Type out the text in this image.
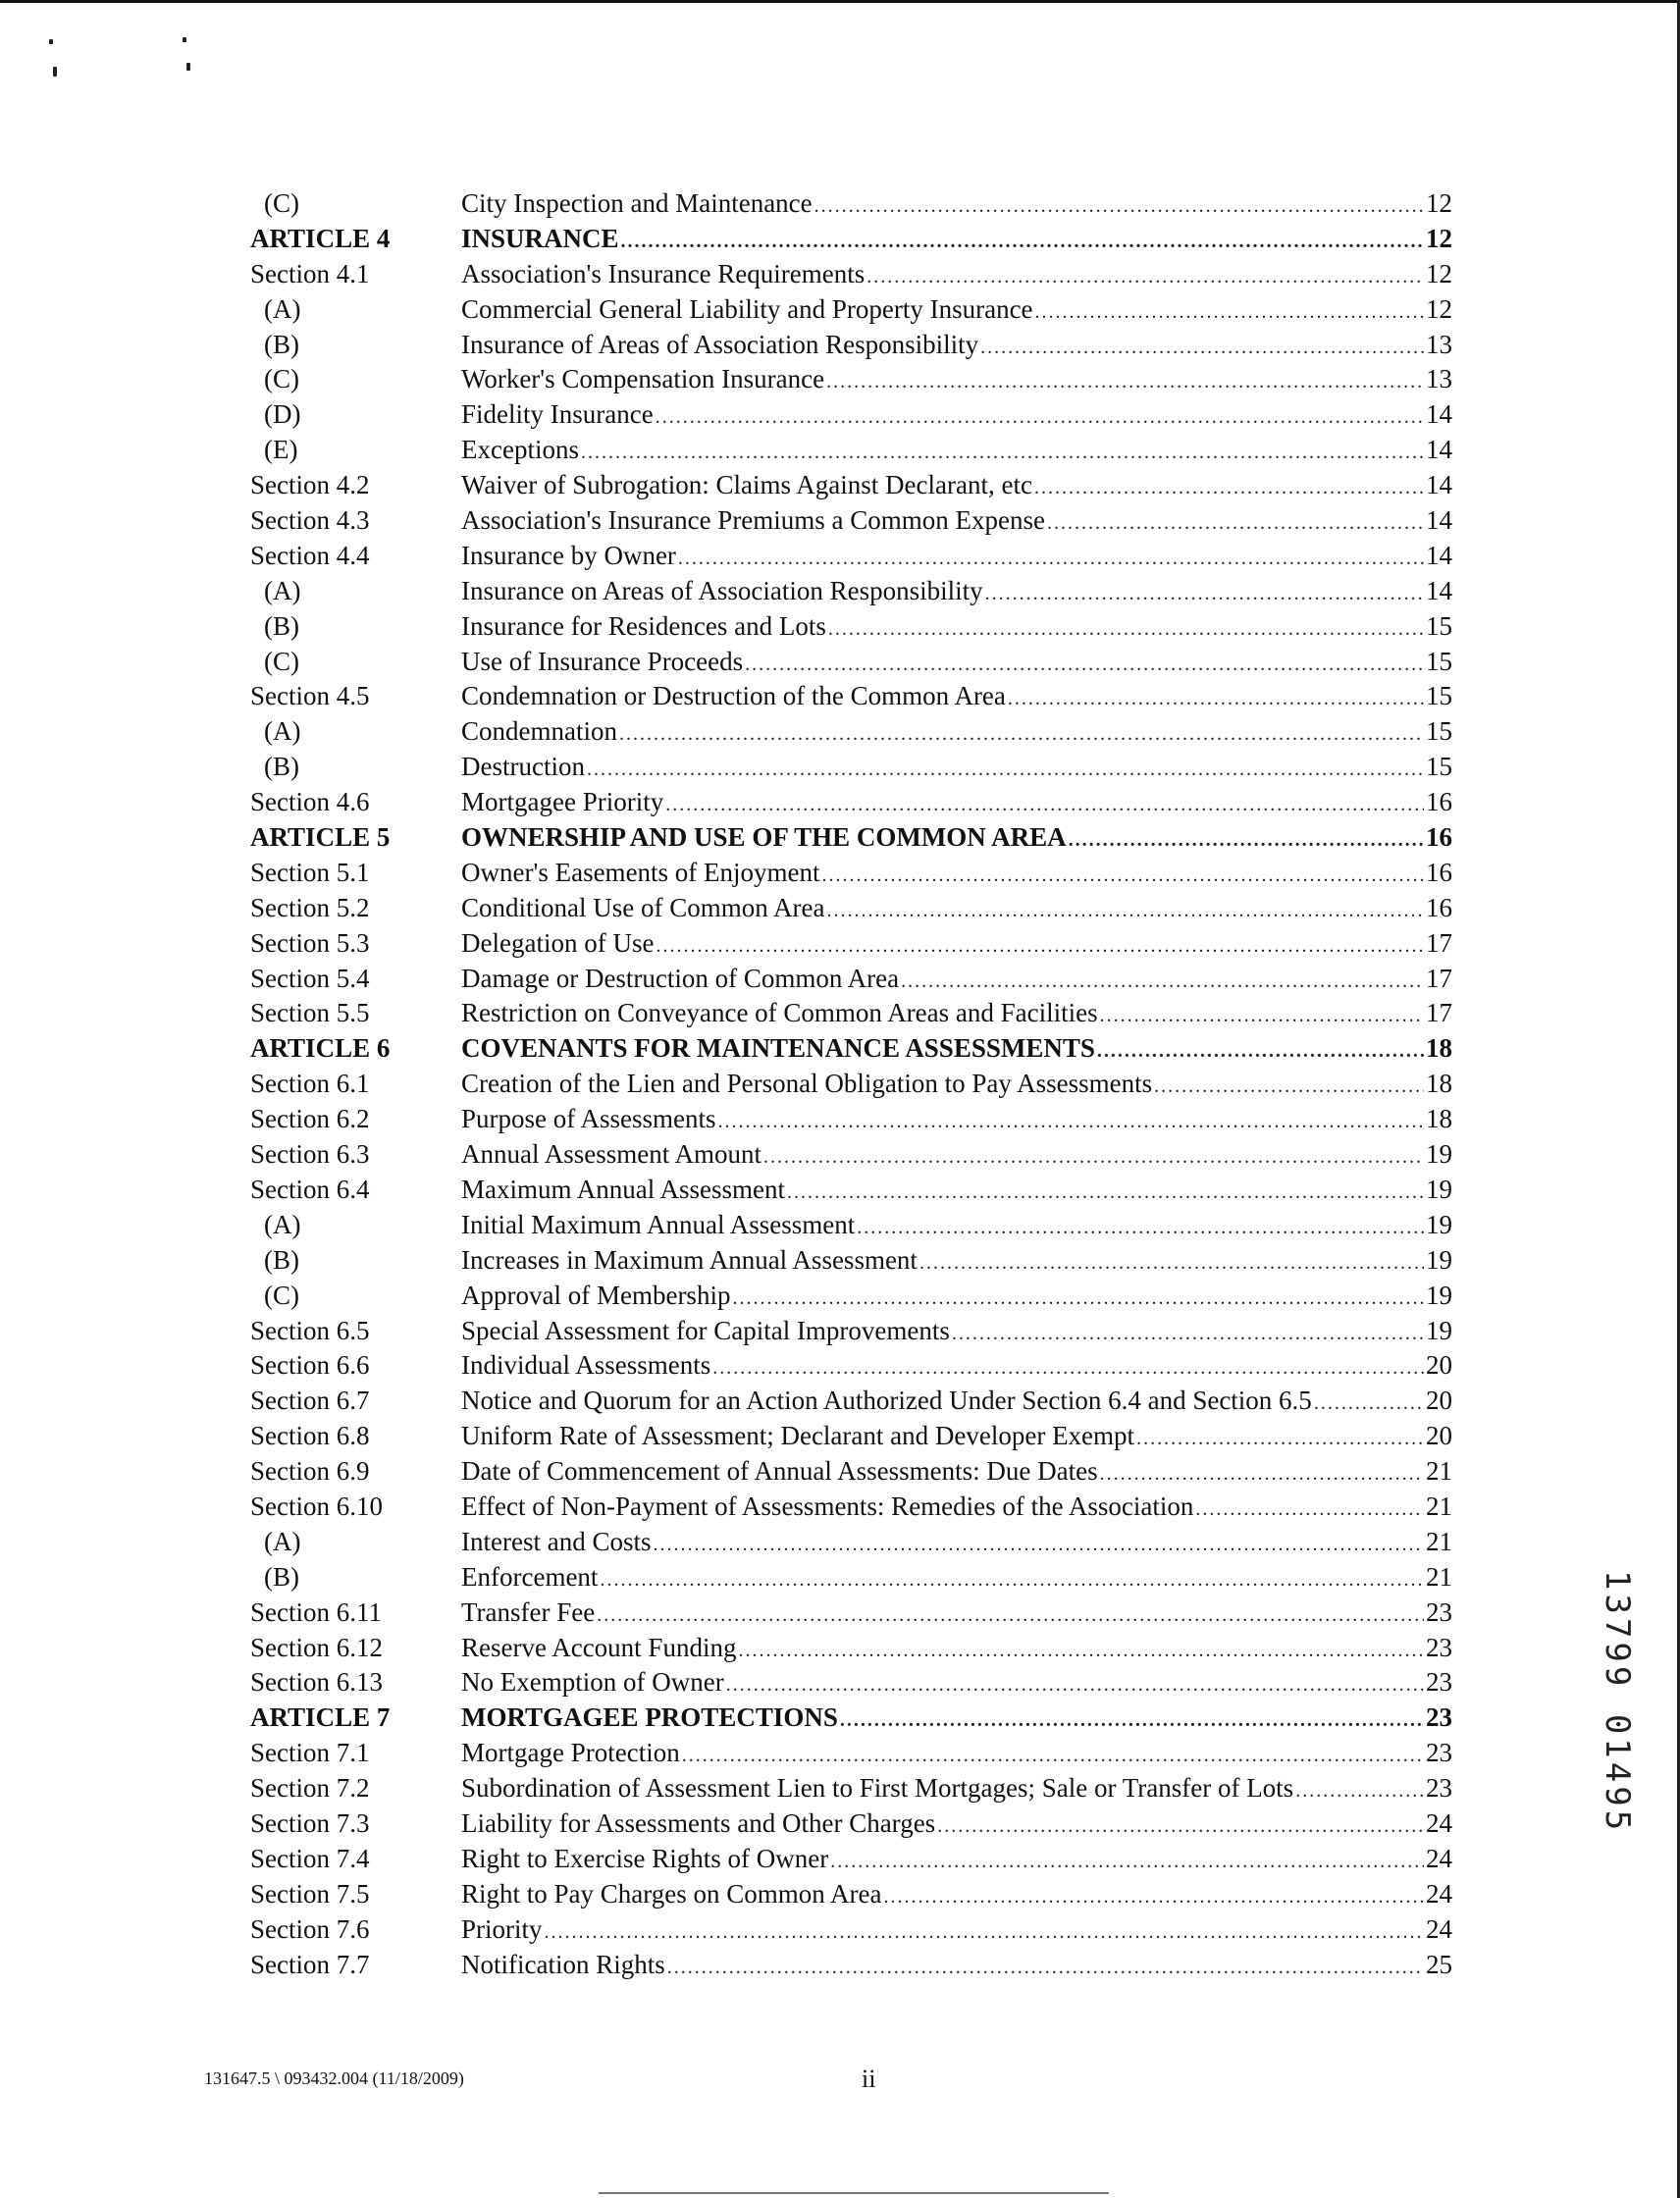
(C)	City Inspection and Maintenance .....	12
ARTICLE 4	INSURANCE .....	12
Section 4.1	Association's Insurance Requirements .....	12
(A)	Commercial General Liability and Property Insurance .....	12
(B)	Insurance of Areas of Association Responsibility .....	13
(C)	Worker's Compensation Insurance .....	13
(D)	Fidelity Insurance .....	14
(E)	Exceptions .....	14
Section 4.2	Waiver of Subrogation: Claims Against Declarant, etc .....	14
Section 4.3	Association's Insurance Premiums a Common Expense .....	14
Section 4.4	Insurance by Owner .....	14
(A)	Insurance on Areas of Association Responsibility .....	14
(B)	Insurance for Residences and Lots .....	15
(C)	Use of Insurance Proceeds .....	15
Section 4.5	Condemnation or Destruction of the Common Area .....	15
(A)	Condemnation .....	15
(B)	Destruction .....	15
Section 4.6	Mortgagee Priority .....	16
ARTICLE 5	OWNERSHIP AND USE OF THE COMMON AREA .....	16
Section 5.1	Owner's Easements of Enjoyment .....	16
Section 5.2	Conditional Use of Common Area .....	16
Section 5.3	Delegation of Use .....	17
Section 5.4	Damage or Destruction of Common Area .....	17
Section 5.5	Restriction on Conveyance of Common Areas and Facilities .....	17
ARTICLE 6	COVENANTS FOR MAINTENANCE ASSESSMENTS .....	18
Section 6.1	Creation of the Lien and Personal Obligation to Pay Assessments .....	18
Section 6.2	Purpose of Assessments .....	18
Section 6.3	Annual Assessment Amount .....	19
Section 6.4	Maximum Annual Assessment .....	19
(A)	Initial Maximum Annual Assessment .....	19
(B)	Increases in Maximum Annual Assessment .....	19
(C)	Approval of Membership .....	19
Section 6.5	Special Assessment for Capital Improvements .....	19
Section 6.6	Individual Assessments .....	20
Section 6.7	Notice and Quorum for an Action Authorized Under Section 6.4 and Section 6.5 .....	20
Section 6.8	Uniform Rate of Assessment; Declarant and Developer Exempt .....	20
Section 6.9	Date of Commencement of Annual Assessments: Due Dates .....	21
Section 6.10	Effect of Non-Payment of Assessments: Remedies of the Association .....	21
(A)	Interest and Costs .....	21
(B)	Enforcement .....	21
Section 6.11	Transfer Fee .....	23
Section 6.12	Reserve Account Funding .....	23
Section 6.13	No Exemption of Owner .....	23
ARTICLE 7	MORTGAGEE PROTECTIONS .....	23
Section 7.1	Mortgage Protection .....	23
Section 7.2	Subordination of Assessment Lien to First Mortgages; Sale or Transfer of Lots .....	23
Section 7.3	Liability for Assessments and Other Charges .....	24
Section 7.4	Right to Exercise Rights of Owner .....	24
Section 7.5	Right to Pay Charges on Common Area .....	24
Section 7.6	Priority .....	24
Section 7.7	Notification Rights .....	25
131647.5 \ 093432.004 (11/18/2009)	ii
13799 01495
